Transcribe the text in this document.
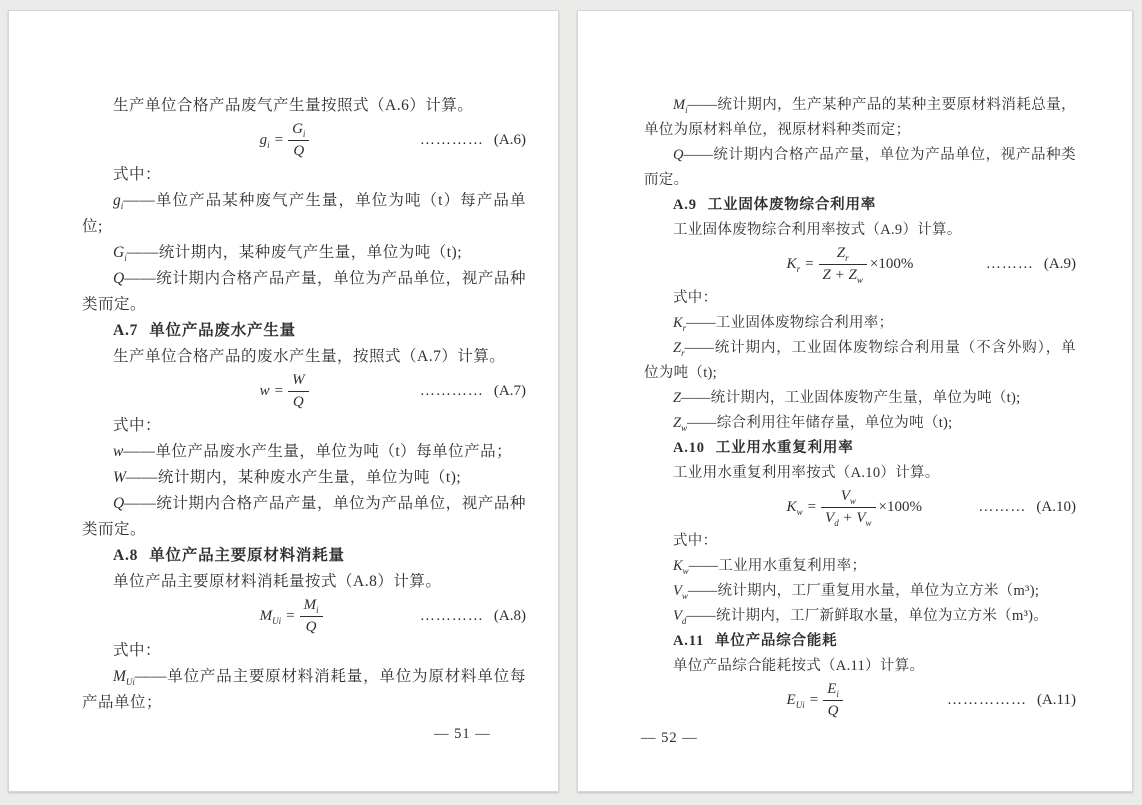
生产单位合格产品废气产生量按照式（A.6）计算。

$g_i = \frac{G_i}{Q}$	………… (A.6)

式中：

$g_i——$单位产品某种废气产生量，单位为吨（t）每产品单位;

$G_i——$统计期内，某种废气产生量，单位为吨（t);

Q——统计期内合格产品产量，单位为产品单位，视产品种类而定。

A.7 单位产品废水产生量

生产单位合格产品的废水产生量，按照式（A.7）计算。

$w = \frac{W}{Q}$	………… (A.7)

式中：

w——单位产品废水产生量，单位为吨（t）每单位产品；

W——统计期内，某种废水产生量，单位为吨（t);

Q——统计期内合格产品产量，单位为产品单位，视产品种类而定。

A.8 单位产品主要原材料消耗量

单位产品主要原材料消耗量按式（A.8）计算。

$M_{Ui} = \frac{M_i}{Q}$	………… (A.8)

式中：

$M_{Ui}——$单位产品主要原材料消耗量，单位为原材料单位每产品单位；

— 51 —

$M_i——$统计期内，生产某种产品的某种主要原材料消耗总量，单位为原材料单位，视原材料种类而定；

Q——统计期内合格产品产量，单位为产品单位，视产品种类而定。

A.9 工业固体废物综合利用率

工业固体废物综合利用率按式（A.9）计算。

$K_r = \frac{Z_r}{Z + Z_w} \times 100\%$	……… (A.9)

式中：

$K_r——$工业固体废物综合利用率；

$Z_r——$统计期内，工业固体废物综合利用量（不含外购），单位为吨（t);

Z——统计期内，工业固体废物产生量，单位为吨（t);

$Z_w——$综合利用往年储存量，单位为吨（t);

A.10 工业用水重复利用率

工业用水重复利用率按式（A.10）计算。

$K_w = \frac{V_w}{V_d + V_w} \times 100\%$	……… (A.10)

式中：

$K_w——$工业用水重复利用率；

$V_w——$统计期内，工厂重复用水量，单位为立方米（m³);

$V_d——$统计期内，工厂新鲜取水量，单位为立方米（m³)。

A.11 单位产品综合能耗

单位产品综合能耗按式（A.11）计算。

$E_{Ui} = \frac{E_i}{Q}$	…………… (A.11)
— 52 —
